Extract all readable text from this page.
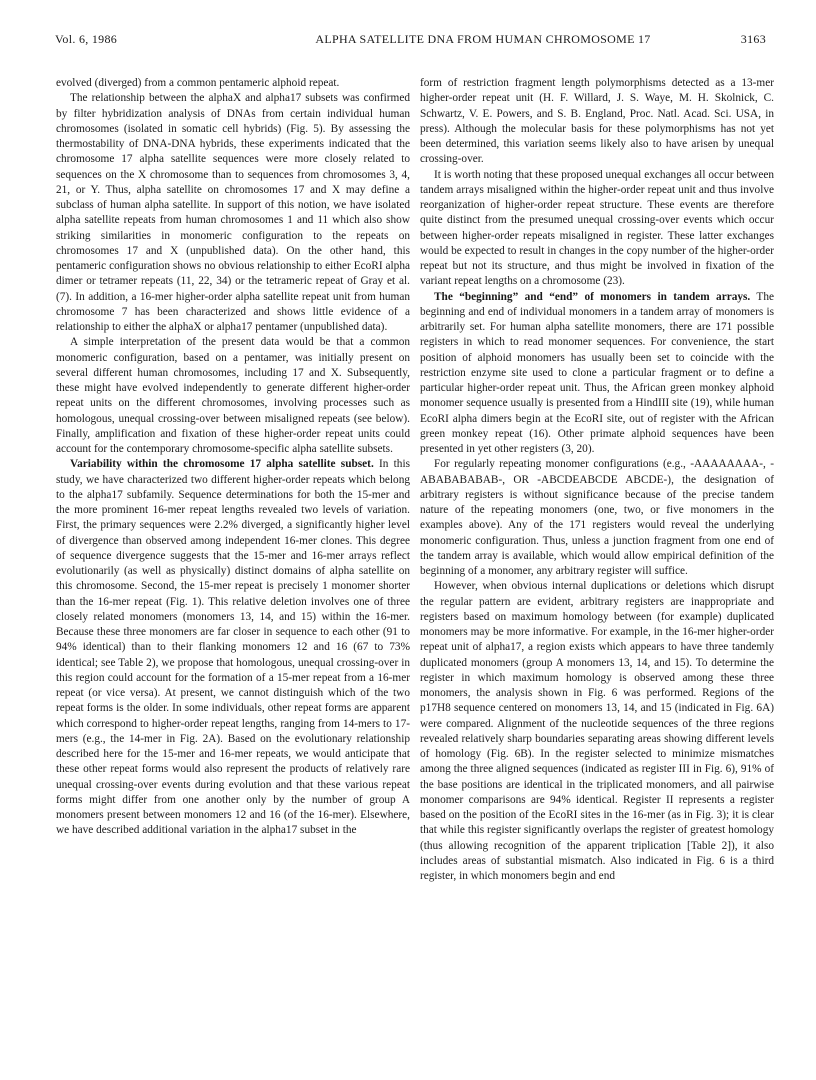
Vol. 6, 1986	ALPHA SATELLITE DNA FROM HUMAN CHROMOSOME 17	3163

evolved (diverged) from a common pentameric alphoid repeat.

The relationship between the alphaX and alpha17 subsets was confirmed by filter hybridization analysis of DNAs from certain individual human chromosomes (isolated in somatic cell hybrids) (Fig. 5). By assessing the thermostability of DNA-DNA hybrids, these experiments indicated that the chromosome 17 alpha satellite sequences were more closely related to sequences on the X chromosome than to sequences from chromosomes 3, 4, 21, or Y. Thus, alpha satellite on chromosomes 17 and X may define a subclass of human alpha satellite. In support of this notion, we have isolated alpha satellite repeats from human chromosomes 1 and 11 which also show striking similarities in monomeric configuration to the repeats on chromosomes 17 and X (unpublished data). On the other hand, this pentameric configuration shows no obvious relationship to either EcoRI alpha dimer or tetramer repeats (11, 22, 34) or the tetrameric repeat of Gray et al. (7). In addition, a 16-mer higher-order alpha satellite repeat unit from human chromosome 7 has been characterized and shows little evidence of a relationship to either the alphaX or alpha17 pentamer (unpublished data).

A simple interpretation of the present data would be that a common monomeric configuration, based on a pentamer, was initially present on several different human chromosomes, including 17 and X. Subsequently, these might have evolved independently to generate different higher-order repeat units on the different chromosomes, involving processes such as homologous, unequal crossing-over between misaligned repeats (see below). Finally, amplification and fixation of these higher-order repeat units could account for the contemporary chromosome-specific alpha satellite subsets.

Variability within the chromosome 17 alpha satellite subset. In this study, we have characterized two different higher-order repeats which belong to the alpha17 subfamily. Sequence determinations for both the 15-mer and the more prominent 16-mer repeat lengths revealed two levels of variation. First, the primary sequences were 2.2% diverged, a significantly higher level of divergence than observed among independent 16-mer clones. This degree of sequence divergence suggests that the 15-mer and 16-mer arrays reflect evolutionarily (as well as physically) distinct domains of alpha satellite on this chromosome. Second, the 15-mer repeat is precisely 1 monomer shorter than the 16-mer repeat (Fig. 1). This relative deletion involves one of three closely related monomers (monomers 13, 14, and 15) within the 16-mer. Because these three monomers are far closer in sequence to each other (91 to 94% identical) than to their flanking monomers 12 and 16 (67 to 73% identical; see Table 2), we propose that homologous, unequal crossing-over in this region could account for the formation of a 15-mer repeat from a 16-mer repeat (or vice versa). At present, we cannot distinguish which of the two repeat forms is the older. In some individuals, other repeat forms are apparent which correspond to higher-order repeat lengths, ranging from 14-mers to 17-mers (e.g., the 14-mer in Fig. 2A). Based on the evolutionary relationship described here for the 15-mer and 16-mer repeats, we would anticipate that these other repeat forms would also represent the products of relatively rare unequal crossing-over events during evolution and that these various repeat forms might differ from one another only by the number of group A monomers present between monomers 12 and 16 (of the 16-mer). Elsewhere, we have described additional variation in the alpha17 subset in the

form of restriction fragment length polymorphisms detected as a 13-mer higher-order repeat unit (H. F. Willard, J. S. Waye, M. H. Skolnick, C. Schwartz, V. E. Powers, and S. B. England, Proc. Natl. Acad. Sci. USA, in press). Although the molecular basis for these polymorphisms has not yet been determined, this variation seems likely also to have arisen by unequal crossing-over.

It is worth noting that these proposed unequal exchanges all occur between tandem arrays misaligned within the higher-order repeat unit and thus involve reorganization of higher-order repeat structure. These events are therefore quite distinct from the presumed unequal crossing-over events which occur between higher-order repeats misaligned in register. These latter exchanges would be expected to result in changes in the copy number of the higher-order repeat but not its structure, and thus might be involved in fixation of the variant repeat lengths on a chromosome (23).

The “beginning” and “end” of monomers in tandem arrays. The beginning and end of individual monomers in a tandem array of monomers is arbitrarily set. For human alpha satellite monomers, there are 171 possible registers in which to read monomer sequences. For convenience, the start position of alphoid monomers has usually been set to coincide with the restriction enzyme site used to clone a particular fragment or to define a particular higher-order repeat unit. Thus, the African green monkey alphoid monomer sequence usually is presented from a HindIII site (19), while human EcoRI alpha dimers begin at the EcoRI site, out of register with the African green monkey repeat (16). Other primate alphoid sequences have been presented in yet other registers (3, 20).

For regularly repeating monomer configurations (e.g., -AAAAAAAA-, -ABABABABAB-, OR -ABCDEABCDE ABCDE-), the designation of arbitrary registers is without significance because of the precise tandem nature of the repeating monomers (one, two, or five monomers in the examples above). Any of the 171 registers would reveal the underlying monomeric configuration. Thus, unless a junction fragment from one end of the tandem array is available, which would allow empirical definition of the beginning of a monomer, any arbitrary register will suffice.

However, when obvious internal duplications or deletions which disrupt the regular pattern are evident, arbitrary registers are inappropriate and registers based on maximum homology between (for example) duplicated monomers may be more informative. For example, in the 16-mer higher-order repeat unit of alpha17, a region exists which appears to have three tandemly duplicated monomers (group A monomers 13, 14, and 15). To determine the register in which maximum homology is observed among these three monomers, the analysis shown in Fig. 6 was performed. Regions of the p17H8 sequence centered on monomers 13, 14, and 15 (indicated in Fig. 6A) were compared. Alignment of the nucleotide sequences of the three regions revealed relatively sharp boundaries separating areas showing different levels of homology (Fig. 6B). In the register selected to minimize mismatches among the three aligned sequences (indicated as register III in Fig. 6), 91% of the base positions are identical in the triplicated monomers, and all pairwise monomer comparisons are 94% identical. Register II represents a register based on the position of the EcoRI sites in the 16-mer (as in Fig. 3); it is clear that while this register significantly overlaps the register of greatest homology (thus allowing recognition of the apparent triplication [Table 2]), it also includes areas of substantial mismatch. Also indicated in Fig. 6 is a third register, in which monomers begin and end
